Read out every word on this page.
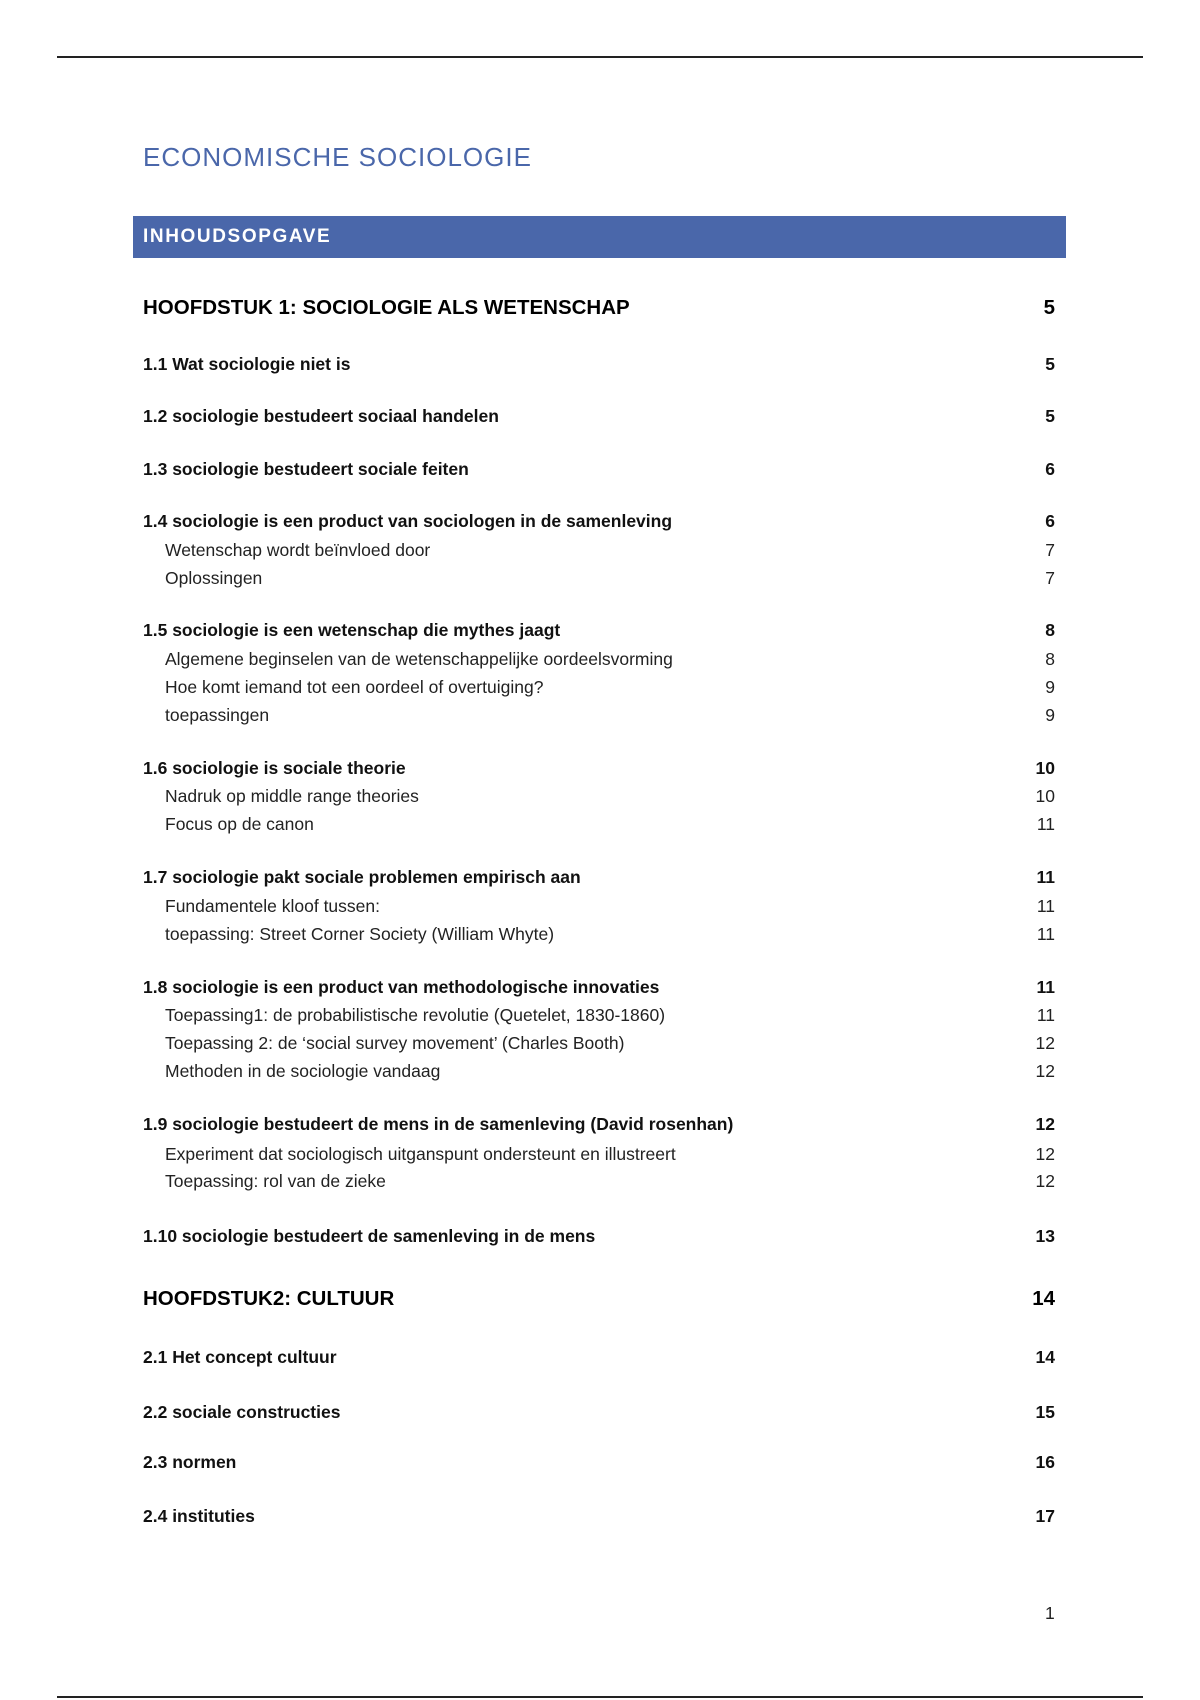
ECONOMISCHE SOCIOLOGIE
INHOUDSOPGAVE
HOOFDSTUK 1: SOCIOLOGIE ALS WETENSCHAP	5
1.1 Wat sociologie niet is	5
1.2 sociologie bestudeert sociaal handelen	5
1.3 sociologie bestudeert sociale feiten	6
1.4 sociologie is een product van sociologen in de samenleving	6
Wetenschap wordt beïnvloed door	7
Oplossingen	7
1.5 sociologie is een wetenschap die mythes jaagt	8
Algemene beginselen van de wetenschappelijke oordeelsvorming	8
Hoe komt iemand tot een oordeel of overtuiging?	9
toepassingen	9
1.6 sociologie is sociale theorie	10
Nadruk op middle range theories	10
Focus op de canon	11
1.7 sociologie pakt sociale problemen empirisch aan	11
Fundamentele kloof tussen:	11
toepassing: Street Corner Society (William Whyte)	11
1.8 sociologie is een product van methodologische innovaties	11
Toepassing1: de probabilistische revolutie (Quetelet, 1830-1860)	11
Toepassing 2: de ‘social survey movement’ (Charles Booth)	12
Methoden in de sociologie vandaag	12
1.9 sociologie bestudeert de mens in de samenleving (David rosenhan)	12
Experiment dat sociologisch uitganspunt ondersteunt en illustreert	12
Toepassing: rol van de zieke	12
1.10 sociologie bestudeert de samenleving in de mens	13
HOOFDSTUK2: CULTUUR	14
2.1 Het concept cultuur	14
2.2 sociale constructies	15
2.3 normen	16
2.4 instituties	17
1
